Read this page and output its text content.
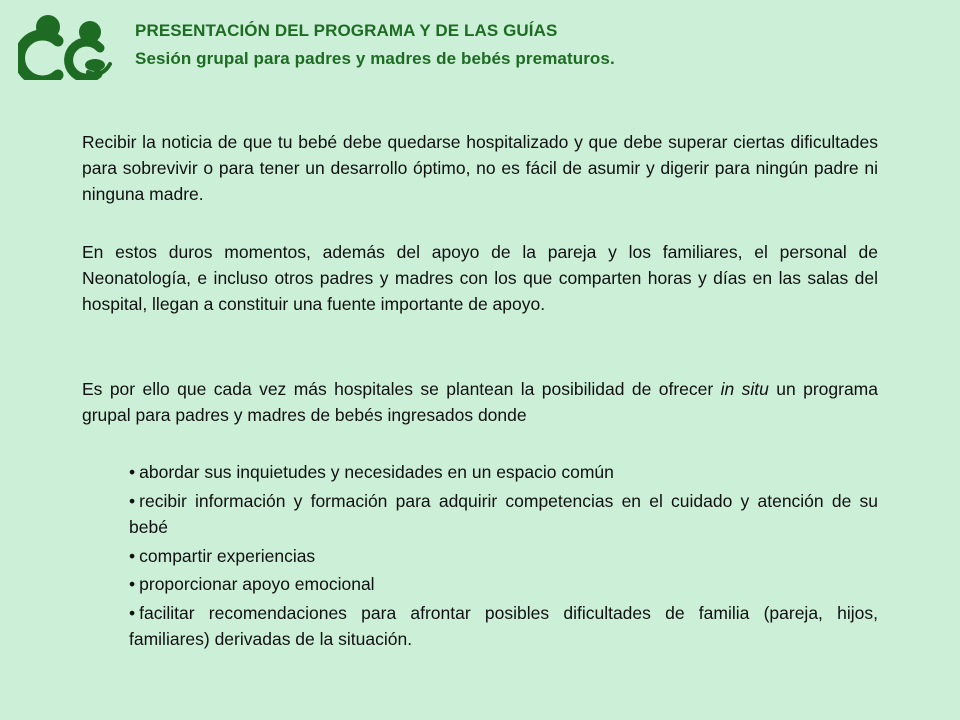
PRESENTACIÓN DEL PROGRAMA Y DE LAS GUÍAS
Sesión grupal para padres y madres de bebés prematuros.
Recibir la noticia de que tu bebé debe quedarse hospitalizado y que debe superar ciertas dificultades para sobrevivir o para tener un desarrollo óptimo, no es fácil de asumir y digerir para ningún padre ni ninguna madre.
En estos duros momentos, además del apoyo de la pareja y los familiares, el personal de Neonatología, e incluso otros padres y madres con los que comparten horas y días en las salas del hospital, llegan a constituir una fuente importante de apoyo.
Es por ello que cada vez más hospitales se plantean la posibilidad de ofrecer in situ un programa grupal para padres y madres de bebés ingresados donde
• abordar sus inquietudes y necesidades en un espacio común
• recibir información y formación para adquirir competencias en el cuidado y atención de su bebé
• compartir experiencias
• proporcionar apoyo emocional
• facilitar recomendaciones para afrontar posibles dificultades de familia (pareja, hijos, familiares) derivadas de la situación.
